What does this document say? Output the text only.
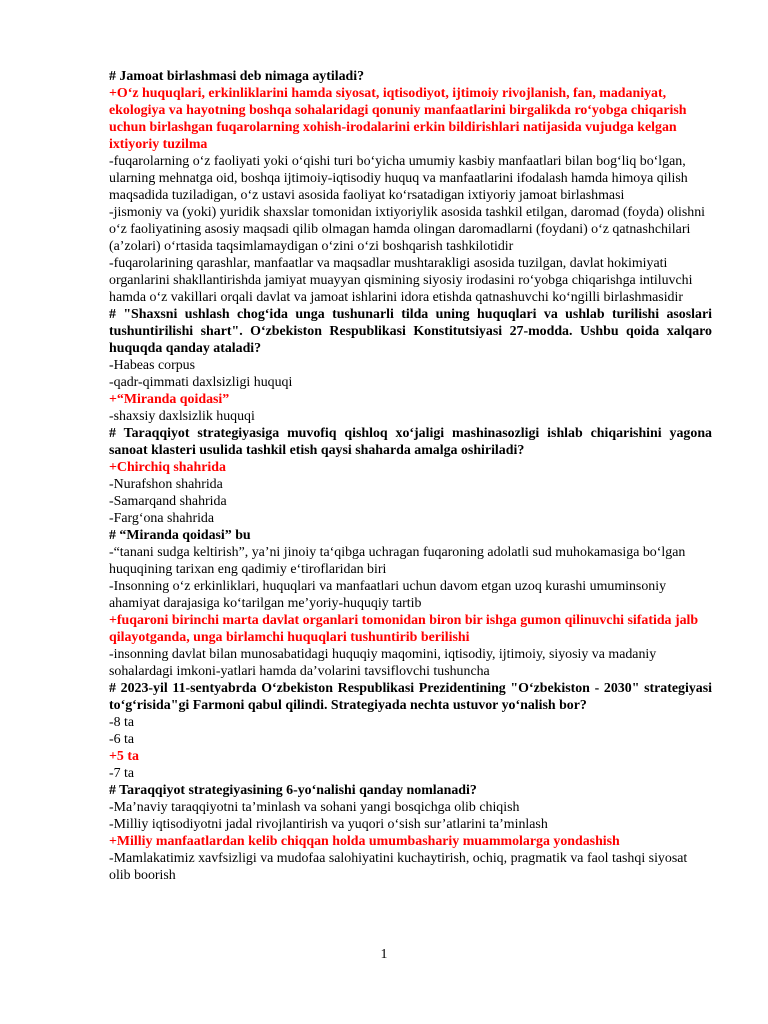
# Jamoat birlashmasi deb nimaga aytiladi?

+O‘z huquqlari, erkinliklarini hamda siyosat, iqtisodiyot, ijtimoiy rivojlanish, fan, madaniyat, ekologiya va hayotning boshqa sohalaridagi qonuniy manfaatlarini birgalikda ro‘yobga chiqarish uchun birlashgan fuqarolarning xohish-irodalarini erkin bildirishlari natijasida vujudga kelgan ixtiyoriy tuzilma

-fuqarolarning o‘z faoliyati yoki o‘qishi turi bo‘yicha umumiy kasbiy manfaatlari bilan bog‘liq bo‘lgan, ularning mehnatga oid, boshqa ijtimoiy-iqtisodiy huquq va manfaatlarini ifodalash hamda himoya qilish maqsadida tuziladigan, o‘z ustavi asosida faoliyat ko‘rsatadigan ixtiyoriy jamoat birlashmasi

-jismoniy va (yoki) yuridik shaxslar tomonidan ixtiyoriylik asosida tashkil etilgan, daromad (foyda) olishni o‘z faoliyatining asosiy maqsadi qilib olmagan hamda olingan daromadlarni (foydani) o‘z qatnashchilari (a’zolari) o‘rtasida taqsimlamaydigan o‘zini o‘zi boshqarish tashkilotidir

-fuqarolarining qarashlar, manfaatlar va maqsadlar mushtarakligi asosida tuzilgan, davlat hokimiyati organlarini shakllantirishda jamiyat muayyan qismining siyosiy irodasini ro‘yobga chiqarishga intiluvchi hamda o‘z vakillari orqali davlat va jamoat ishlarini idora etishda qatnashuvchi ko‘ngilli birlashmasidir

# "Shaxsni ushlash chog‘ida unga tushunarli tilda uning huquqlari va ushlab turilishi asoslari tushuntirilishi shart". O‘zbekiston Respublikasi Konstitutsiyasi 27-modda. Ushbu qoida xalqaro huquqda qanday ataladi?

-Habeas corpus

-qadr-qimmati daxlsizligi huquqi

+“Miranda qoidasi”

-shaxsiy daxlsizlik huquqi

# Taraqqiyot strategiyasiga muvofiq qishloq xo‘jaligi mashinasozligi ishlab chiqarishini yagona sanoat klasteri usulida tashkil etish qaysi shaharda amalga oshiriladi?

+Chirchiq shahrida

-Nurafshon shahrida

-Samarqand shahrida

-Farg‘ona shahrida

# “Miranda qoidasi” bu

-“tanani sudga keltirish”, ya’ni jinoiy ta‘qibga uchragan fuqaroning adolatli sud muhokamasiga bo‘lgan huquqining tarixan eng qadimiy e‘tiroflaridan biri

-Insonning o‘z erkinliklari, huquqlari va manfaatlari uchun davom etgan uzoq kurashi umuminsoniy ahamiyat darajasiga ko‘tarilgan me’yoriy-huquqiy tartib

+fuqaroni birinchi marta davlat organlari tomonidan biron bir ishga gumon qilinuvchi sifatida jalb qilayotganda, unga birlamchi huquqlari tushuntirib berilishi

-insonning davlat bilan munosabatidagi huquqiy maqomini, iqtisodiy, ijtimoiy, siyosiy va madaniy sohalardagi imkoni-yatlari hamda da’volarini tavsiflovchi tushuncha

# 2023-yil 11-sentyabrda O‘zbekiston Respublikasi Prezidentining "O‘zbekiston - 2030" strategiyasi to‘g‘risida"gi Farmoni qabul qilindi. Strategiyada nechta ustuvor yo‘nalish bor?

-8 ta

-6 ta

+5 ta

-7 ta

# Taraqqiyot strategiyasining 6-yo‘nalishi qanday nomlanadi?

-Ma’naviy taraqqiyotni ta’minlash va sohani yangi bosqichga olib chiqish

-Milliy iqtisodiyotni jadal rivojlantirish va yuqori o‘sish sur’atlarini ta’minlash

+Milliy manfaatlardan kelib chiqqan holda umumbashariy muammolarga yondashish

-Mamlakatimiz xavfsizligi va mudofaa salohiyatini kuchaytirish, ochiq, pragmatik va faol tashqi siyosat olib boorish

1
